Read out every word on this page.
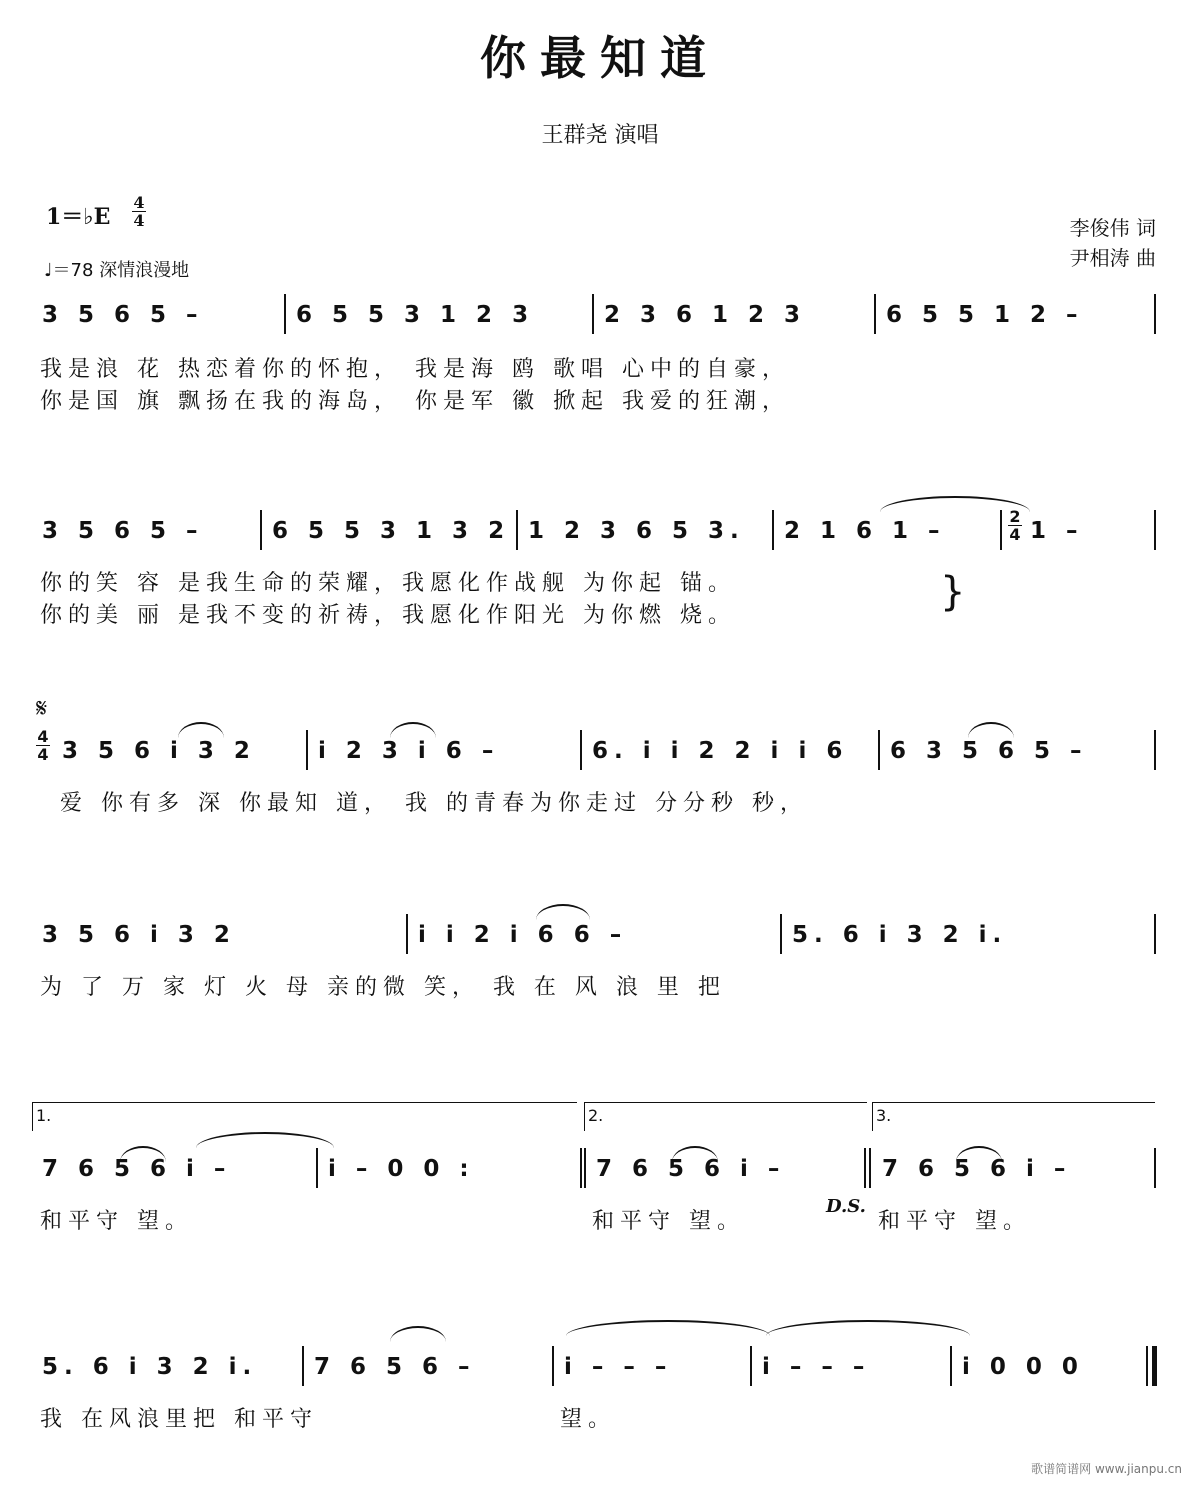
你最知道
王群尧 演唱
李俊伟 词
尹相涛 曲
1＝♭E
4

4
♩＝78 深情浪漫地
3 5 6 5 –	6 5 5 3 1 2 3	2 3 6 1 2 3	6 5 5 1 2 –
我是浪 花 热恋着你的怀抱， 我是海 鸥 歌唱 心中的自豪，
你是国 旗 飘扬在我的海岛， 你是军 徽 掀起 我爱的狂潮，
3 5 6 5 –	6 5 5 3 1 3 2 1 2 3 6 5 3. 2 1 6 1 –
2
4 1 –
你的笑 容 是我生命的荣耀，我愿化作战舰 为你起 锚。
你的美 丽 是我不变的祈祷，我愿化作阳光 为你燃 烧。
}
𝄋
4
4 3 5 6 i 3 2	i 2 3 i 6 –	6. i i 2 2 i i 6 6 3 5 6 5 –
爱 你有多 深 你最知 道， 我 的青春为你走过 分分秒 秒，
3 5 6 i 3 2	i i 2 i 6 6 –	5. 6 i 3 2 i.
为 了 万 家 灯 火 母 亲的微 笑， 我 在 风 浪 里 把
1.	2.	3.
7 6 5 6 i –	i – 0 0 :	7 6 5 6 i –	7 6 5 6 i –
和平守 望。	和平守 望。
D.S.
和平守 望。
5. 6 i 3 2 i. 7 6 5 6 –	i – – –	i – – –	i 0 0 0
我 在风浪里把 和平守	望。
歌谱简谱网 www.jianpu.cn
